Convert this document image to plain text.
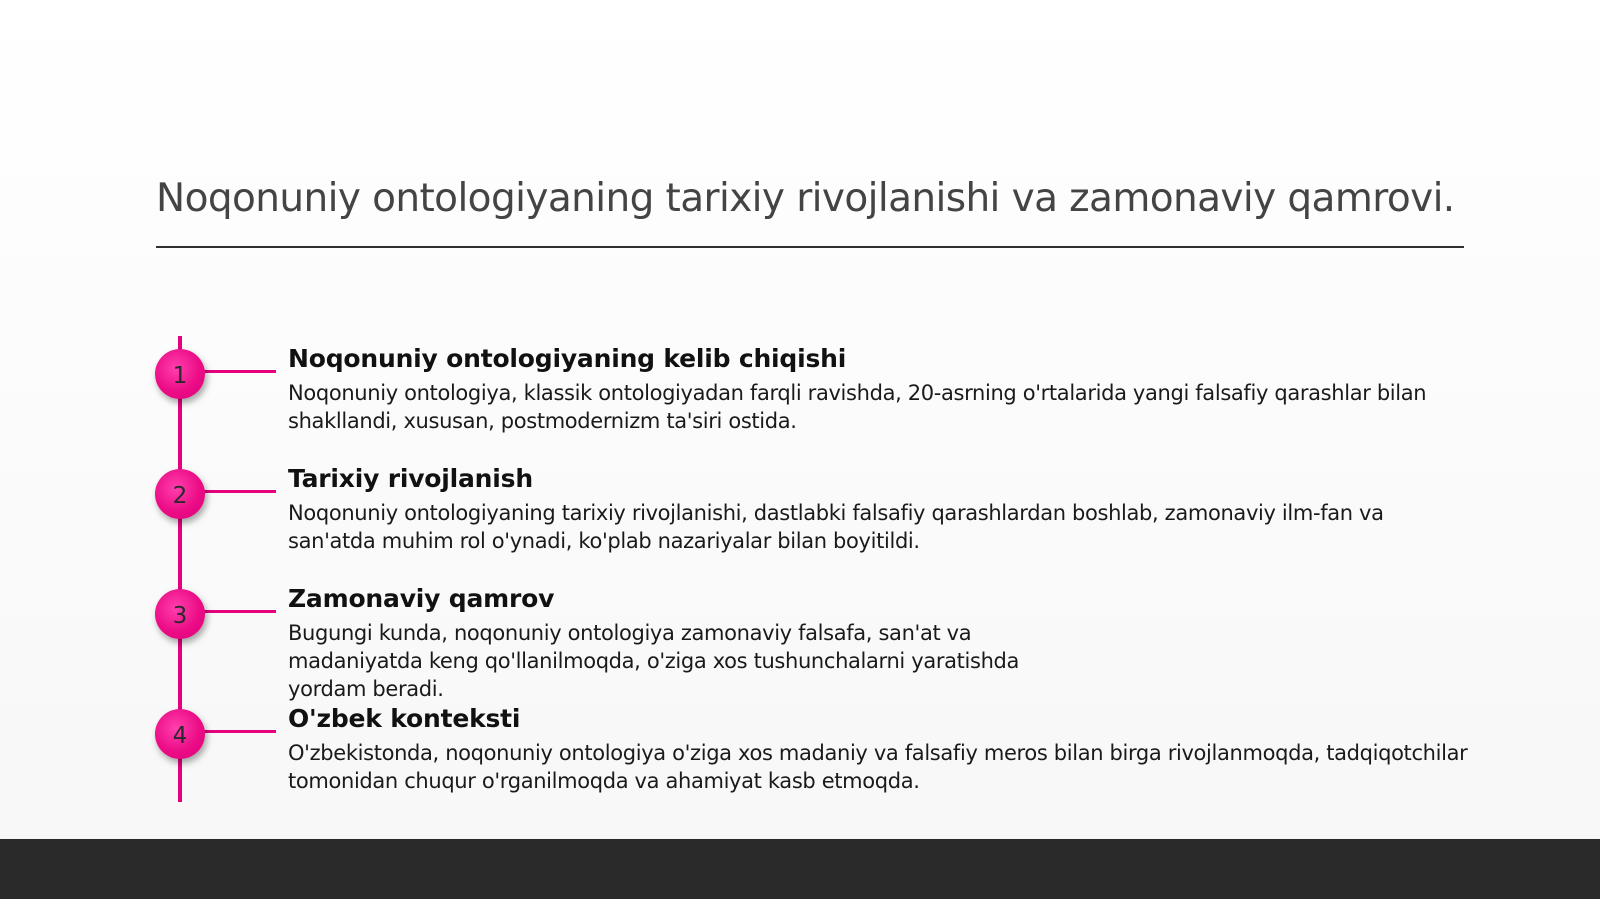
Noqonuniy ontologiyaning tarixiy rivojlanishi va zamonaviy qamrovi.
1
Noqonuniy ontologiyaning kelib chiqishi

Noqonuniy ontologiya, klassik ontologiyadan farqli ravishda, 20-asrning o'rtalarida yangi falsafiy qarashlar bilan shakllandi, xususan, postmodernizm ta'siri ostida.

2
Tarixiy rivojlanish

Noqonuniy ontologiyaning tarixiy rivojlanishi, dastlabki falsafiy qarashlardan boshlab, zamonaviy ilm-fan va san'atda muhim rol o'ynadi, ko'plab nazariyalar bilan boyitildi.

3
Zamonaviy qamrov

Bugungi kunda, noqonuniy ontologiya zamonaviy falsafa, san'at va madaniyatda keng qo'llanilmoqda, o'ziga xos tushunchalarni yaratishda yordam beradi.

4
O'zbek konteksti

O'zbekistonda, noqonuniy ontologiya o'ziga xos madaniy va falsafiy meros bilan birga rivojlanmoqda, tadqiqotchilar tomonidan chuqur o'rganilmoqda va ahamiyat kasb etmoqda.
